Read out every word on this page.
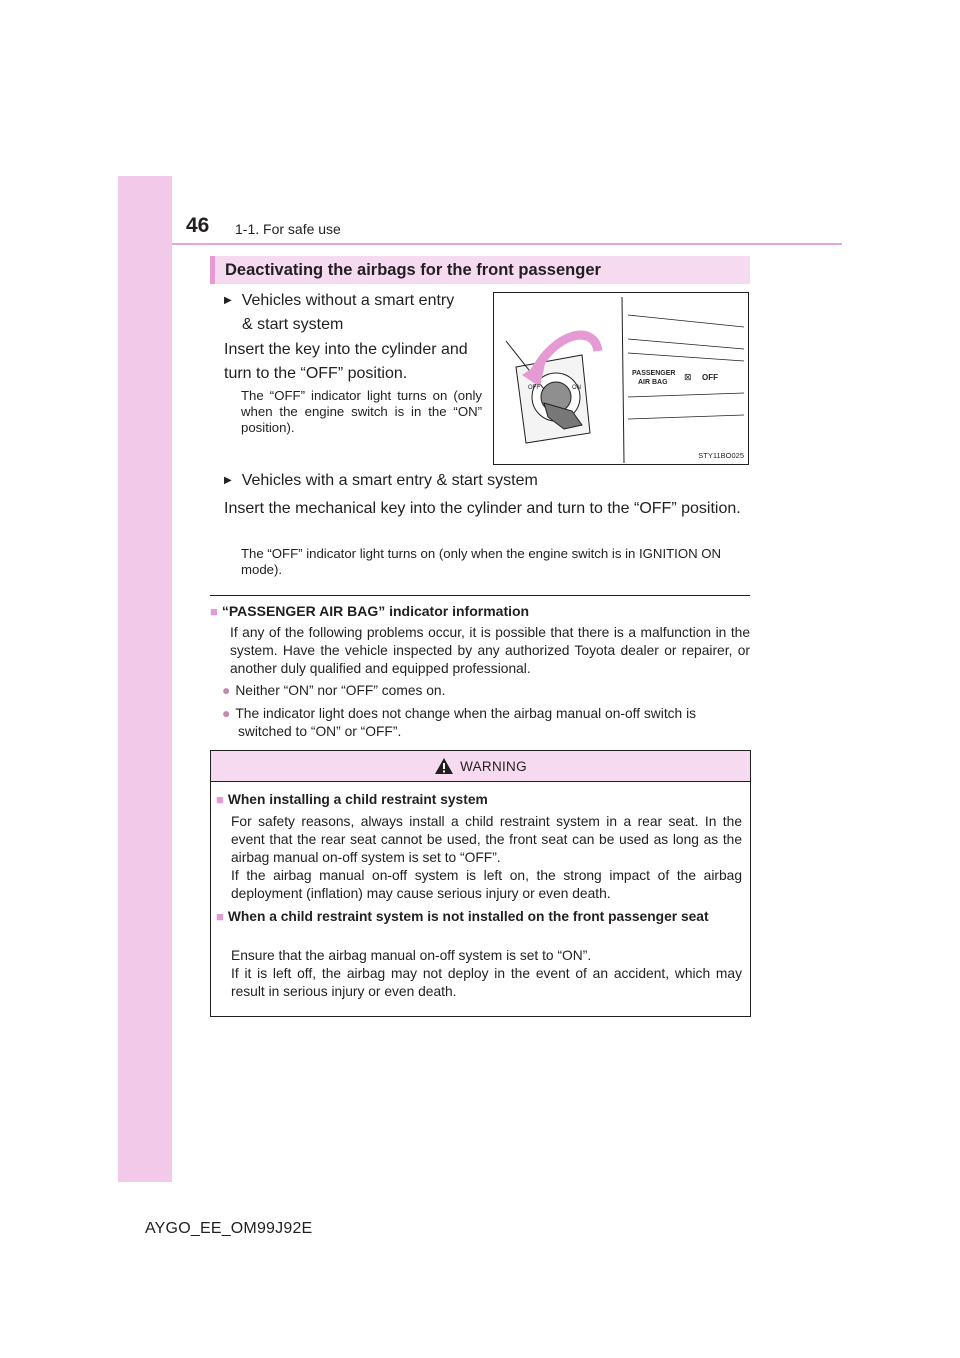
46 1-1. For safe use
Deactivating the airbags for the front passenger
▶ Vehicles without a smart entry
& start system
Insert the key into the cylinder and
turn to the “OFF” position.

The “OFF” indicator light turns on (only when the engine switch is in the “ON” position).

OFF	ON
PASSENGER
AIR BAG
OFF
⊠
STY11BO025
▶ Vehicles with a smart entry & start system

Insert the mechanical key into the cylinder and turn to the “OFF” position.

The “OFF” indicator light turns on (only when the engine switch is in IGNITION ON mode).

■ “PASSENGER AIR BAG” indicator information

If any of the following problems occur, it is possible that there is a malfunction in the system. Have the vehicle inspected by any authorized Toyota dealer or repairer, or another duly qualified and equipped professional.

● Neither “ON” nor “OFF” comes on.
● The indicator light does not change when the airbag manual on-off switch is switched to “ON” or “OFF”.
WARNING
■ When installing a child restraint system

For safety reasons, always install a child restraint system in a rear seat. In the event that the rear seat cannot be used, the front seat can be used as long as the airbag manual on-off system is set to “OFF”.

If the airbag manual on-off system is left on, the strong impact of the airbag deployment (inflation) may cause serious injury or even death.

■ When a child restraint system is not installed on the front passenger seat

Ensure that the airbag manual on-off system is set to “ON”.

If it is left off, the airbag may not deploy in the event of an accident, which may result in serious injury or even death.

AYGO_EE_OM99J92E
